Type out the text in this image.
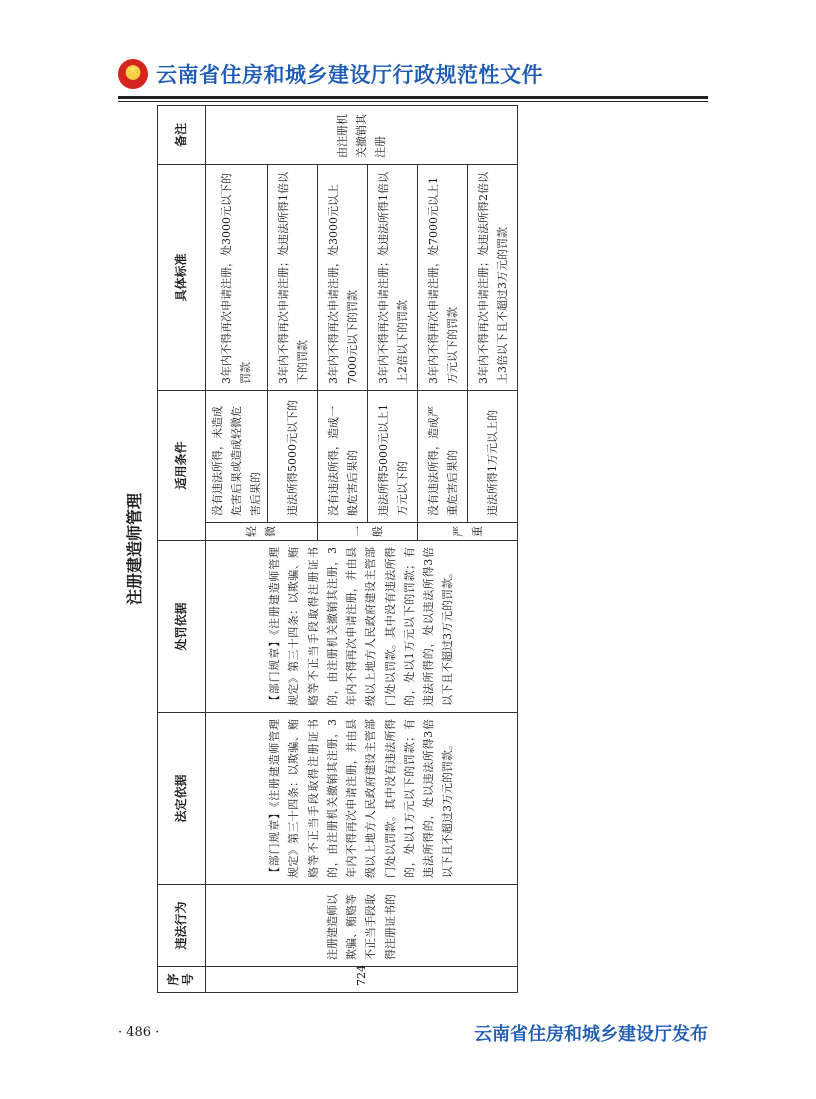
★
云南省住房和城乡建设厅行政规范性文件
注册建造师管理							
序号	违法行为	法定依据	处罚依据	适用条件		具体标准	备注
724	注册建造师以欺骗、贿赂等不正当手段取得注册证书的	【部门规章】《注册建造师管理规定》第三十四条：以欺骗、贿赂等不正当手段取得注册证书的，由注册机关撤销其注册，3年内不得再次申请注册，并由县级以上地方人民政府建设主管部门处以罚款。其中没有违法所得的，处以1万元以下的罚款；有违法所得的，处以违法所得3倍以下且不超过3万元的罚款。	【部门规章】《注册建造师管理规定》第三十四条：以欺骗、贿赂等不正当手段取得注册证书的，由注册机关撤销其注册，3年内不得再次申请注册，并由县级以上地方人民政府建设主管部门处以罚款。其中没有违法所得的，处以1万元以下的罚款；有违法所得的，处以违法所得3倍以下且不超过3万元的罚款。	轻微	没有违法所得，未造成危害后果或造成轻微危害后果的	3年内不得再次申请注册，处3000元以下的罚款	由注册机关撤销其注册
					违法所得5000元以下的	3年内不得再次申请注册；处违法所得1倍以下的罚款	
				一般	没有违法所得，造成一般危害后果的	3年内不得再次申请注册，处3000元以上7000元以下的罚款	
					违法所得5000元以上1万元以下的	3年内不得再次申请注册；处违法所得1倍以上2倍以下的罚款	
				严重	没有违法所得，造成严重危害后果的	3年内不得再次申请注册，处7000元以上1万元以下的罚款	
					违法所得1万元以上的	3年内不得再次申请注册；处违法所得2倍以上3倍以下且不超过3万元的罚款	
· 486 ·	云南省住房和城乡建设厅发布
